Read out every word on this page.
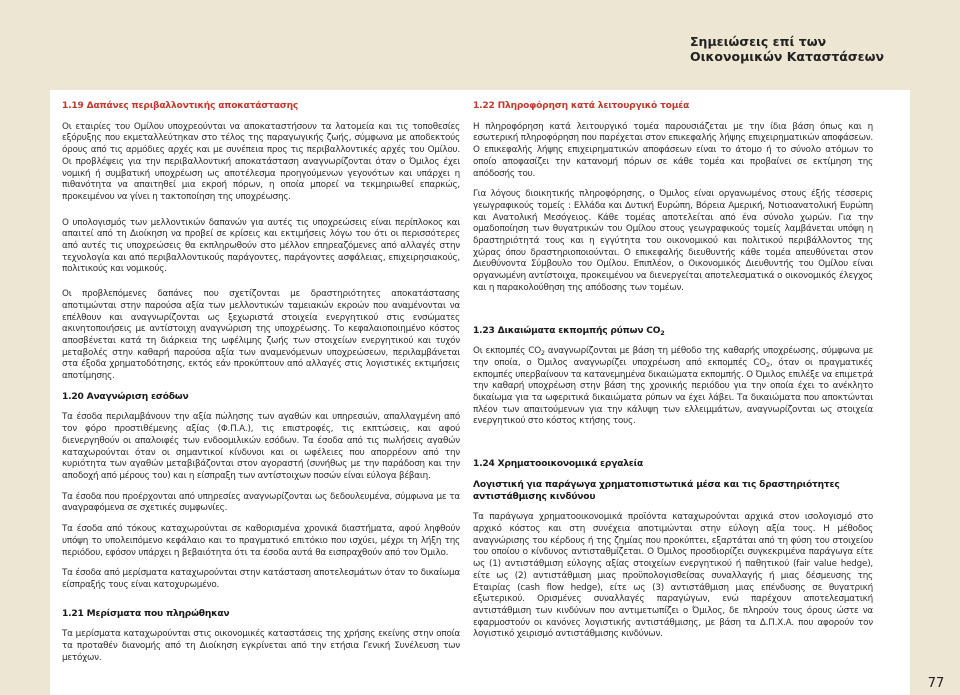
Σημειώσεις επί των
Οικονομικών Καταστάσεων
77
1.19 Δαπάνες περιβαλλοντικής αποκατάστασης

Οι εταιρίες του Ομίλου υποχρεούνται να αποκαταστήσουν τα λατομεία και τις τοποθεσίες εξόρυξης που εκμεταλλεύτηκαν στο τέλος της παραγωγικής ζωής, σύμφωνα με αποδεκτούς όρους από τις αρμόδιες αρχές και με συνέπεια προς τις περιβαλλοντικές αρχές του Ομίλου. Οι προβλέψεις για την περιβαλλοντική αποκατάσταση αναγνωρίζονται όταν ο Όμιλος έχει νομική ή συμβατική υποχρέωση ως αποτέλεσμα προηγούμενων γεγονότων και υπάρχει η πιθανότητα να απαιτηθεί μια εκροή πόρων, η οποία μπορεί να τεκμηριωθεί επαρκώς, προκειμένου να γίνει η τακτοποίηση της υποχρέωσης.

Ο υπολογισμός των μελλοντικών δαπανών για αυτές τις υποχρεώσεις είναι περίπλοκος και απαιτεί από τη Διοίκηση να προβεί σε κρίσεις και εκτιμήσεις λόγω του ότι οι περισσότερες από αυτές τις υποχρεώσεις θα εκπληρωθούν στο μέλλον επηρεαζόμενες από αλλαγές στην τεχνολογία και από περιβαλλοντικούς παράγοντες, παράγοντες ασφάλειας, επιχειρησιακούς, πολιτικούς και νομικούς.

Οι προβλεπόμενες δαπάνες που σχετίζονται με δραστηριότητες αποκατάστασης αποτιμώνται στην παρούσα αξία των μελλοντικών ταμειακών εκροών που αναμένονται να επέλθουν και αναγνωρίζονται ως ξεχωριστά στοιχεία ενεργητικού στις ενσώματες ακινητοποιήσεις με αντίστοιχη αναγνώριση της υποχρέωσης. Το κεφαλαιοποιημένο κόστος αποσβένεται κατά τη διάρκεια της ωφέλιμης ζωής των στοιχείων ενεργητικού και τυχόν μεταβολές στην καθαρή παρούσα αξία των αναμενόμενων υποχρεώσεων, περιλαμβάνεται στα έξοδα χρηματοδότησης, εκτός εάν προκύπτουν από αλλαγές στις λογιστικές εκτιμήσεις αποτίμησης.

1.20 Αναγνώριση εσόδων

Τα έσοδα περιλαμβάνουν την αξία πώλησης των αγαθών και υπηρεσιών, απαλλαγμένη από τον φόρο προστιθέμενης αξίας (Φ.Π.Α.), τις επιστροφές, τις εκπτώσεις, και αφού διενεργηθούν οι απαλοιφές των ενδοομιλικών εσόδων. Τα έσοδα από τις πωλήσεις αγαθών καταχωρούνται όταν οι σημαντικοί κίνδυνοι και οι ωφέλειες που απορρέουν από την κυριότητα των αγαθών μεταβιβάζονται στον αγοραστή (συνήθως με την παράδοση και την αποδοχή από μέρους του) και η είσπραξη των αντίστοιχων ποσών είναι εύλογα βέβαιη.

Τα έσοδα που προέρχονται από υπηρεσίες αναγνωρίζονται ως δεδουλευμένα, σύμφωνα με τα αναγραφόμενα σε σχετικές συμφωνίες.

Τα έσοδα από τόκους καταχωρούνται σε καθορισμένα χρονικά διαστήματα, αφού ληφθούν υπόψη το υπολειπόμενο κεφάλαιο και το πραγματικό επιτόκιο που ισχύει, μέχρι τη λήξη της περιόδου, εφόσον υπάρχει η βεβαιότητα ότι τα έσοδα αυτά θα εισπραχθούν από τον Όμιλο.

Τα έσοδα από μερίσματα καταχωρούνται στην κατάσταση αποτελεσμάτων όταν το δικαίωμα είσπραξής τους είναι κατοχυρωμένο.

1.21 Μερίσματα που πληρώθηκαν

Τα μερίσματα καταχωρούνται στις οικονομικές καταστάσεις της χρήσης εκείνης στην οποία τα προταθέν διανομής από τη Διοίκηση εγκρίνεται από την ετήσια Γενική Συνέλευση των μετόχων.

1.22 Πληροφόρηση κατά λειτουργικό τομέα

Η πληροφόρηση κατά λειτουργικό τομέα παρουσιάζεται με την ίδια βάση όπως και η εσωτερική πληροφόρηση που παρέχεται στον επικεφαλής λήψης επιχειρηματικών αποφάσεων. Ο επικεφαλής λήψης επιχειρηματικών αποφάσεων είναι το άτομο ή το σύνολο ατόμων το οποίο αποφασίζει την κατανομή πόρων σε κάθε τομέα και προβαίνει σε εκτίμηση της απόδοσής του.

Για λόγους διοικητικής πληροφόρησης, ο Όμιλος είναι οργανωμένος στους έξής τέσσερις γεωγραφικούς τομείς : Ελλάδα και Δυτική Ευρώπη, Βόρεια Αμερική, Νοτιοανατολική Ευρώπη και Ανατολική Μεσόγειος. Κάθε τομέας αποτελείται από ένα σύνολο χωρών. Για την ομαδοποίηση των θυγατρικών του Ομίλου στους γεωγραφικούς τομείς λαμβάνεται υπόψη η δραστηριότητά τους και η εγγύτητα του οικονομικού και πολιτικού περιβάλλοντος της χώρας όπου δραστηριοποιούνται. Ο επικεφαλής διευθυντής κάθε τομέα απευθύνεται στον Διευθύνοντα Σύμβουλο του Ομίλου. Επιπλέον, ο Οικονομικός Διευθυντής του Ομίλου είναι οργανωμένη αντίστοιχα, προκειμένου να διενεργείται αποτελεσματικά ο οικονομικός έλεγχος και η παρακολούθηση της απόδοσης των τομέων.

1.23 Δικαιώματα εκπομπής ρύπων $CO_2$

Οι εκπομπές $CO_2$ αναγνωρίζονται με βάση τη μέθοδο της καθαρής υποχρέωσης, σύμφωνα με την οποία, ο Όμιλος αναγνωρίζει υποχρέωση από εκπομπές $CO_2$, όταν οι πραγματικές εκπομπές υπερβαίνουν τα κατανεμημένα δικαιώματα εκπομπής. Ο Όμιλος επιλέξε να επιμετρά την καθαρή υποχρέωση στην βάση της χρονικής περιόδου για την οποία έχει το ανέκλητο δικαίωμα για τα ωφεριτικά δικαιώματα ρύπων να έχει λάβει. Τα δικαιώματα που αποκτώνται πλέον των απαιτούμενων για την κάλυψη των ελλειμμάτων, αναγνωρίζονται ως στοιχεία ενεργητικού στο κόστος κτήσης τους.

1.24 Χρηματοοικονομικά εργαλεία
Λογιστική για παράγωγα χρηματοπιστωτικά μέσα και τις δραστηριότητες αντιστάθμισης κινδύνου

Τα παράγωγα χρηματοοικονομικά προϊόντα καταχωρούνται αρχικά στον ισολογισμό στο αρχικό κόστος και στη συνέχεια αποτιμώνται στην εύλογη αξία τους. Η μέθοδος αναγνώρισης του κέρδους ή της ζημίας που προκύπτει, εξαρτάται από τη φύση του στοιχείου του οποίου ο κίνδυνος αντισταθμίζεται. Ο Όμιλος προσδιορίζει συγκεκριμένα παράγωγα είτε ως (1) αντιστάθμιση εύλογης αξίας στοιχείων ενεργητικού ή παθητικού (fair value hedge), είτε ως (2) αντιστάθμιση μιας προϋπολογισθείσας συναλλαγής ή μιας δέσμευσης της Εταιρίας (cash flow hedge), είτε ως (3) αντιστάθμιση μιας επένδυσης σε θυγατρική εξωτερικού. Ορισμένες συναλλαγές παραγώγων, ενώ παρέχουν αποτελεσματική αντιστάθμιση των κινδύνων που αντιμετωπίζει ο Όμιλος, δε πληρούν τους όρους ώστε να εφαρμοστούν οι κανόνες λογιστικής αντιστάθμισης, με βάση τα Δ.Π.Χ.Α. που αφορούν τον λογιστικό χειρισμό αντιστάθμισης κινδύνων.
